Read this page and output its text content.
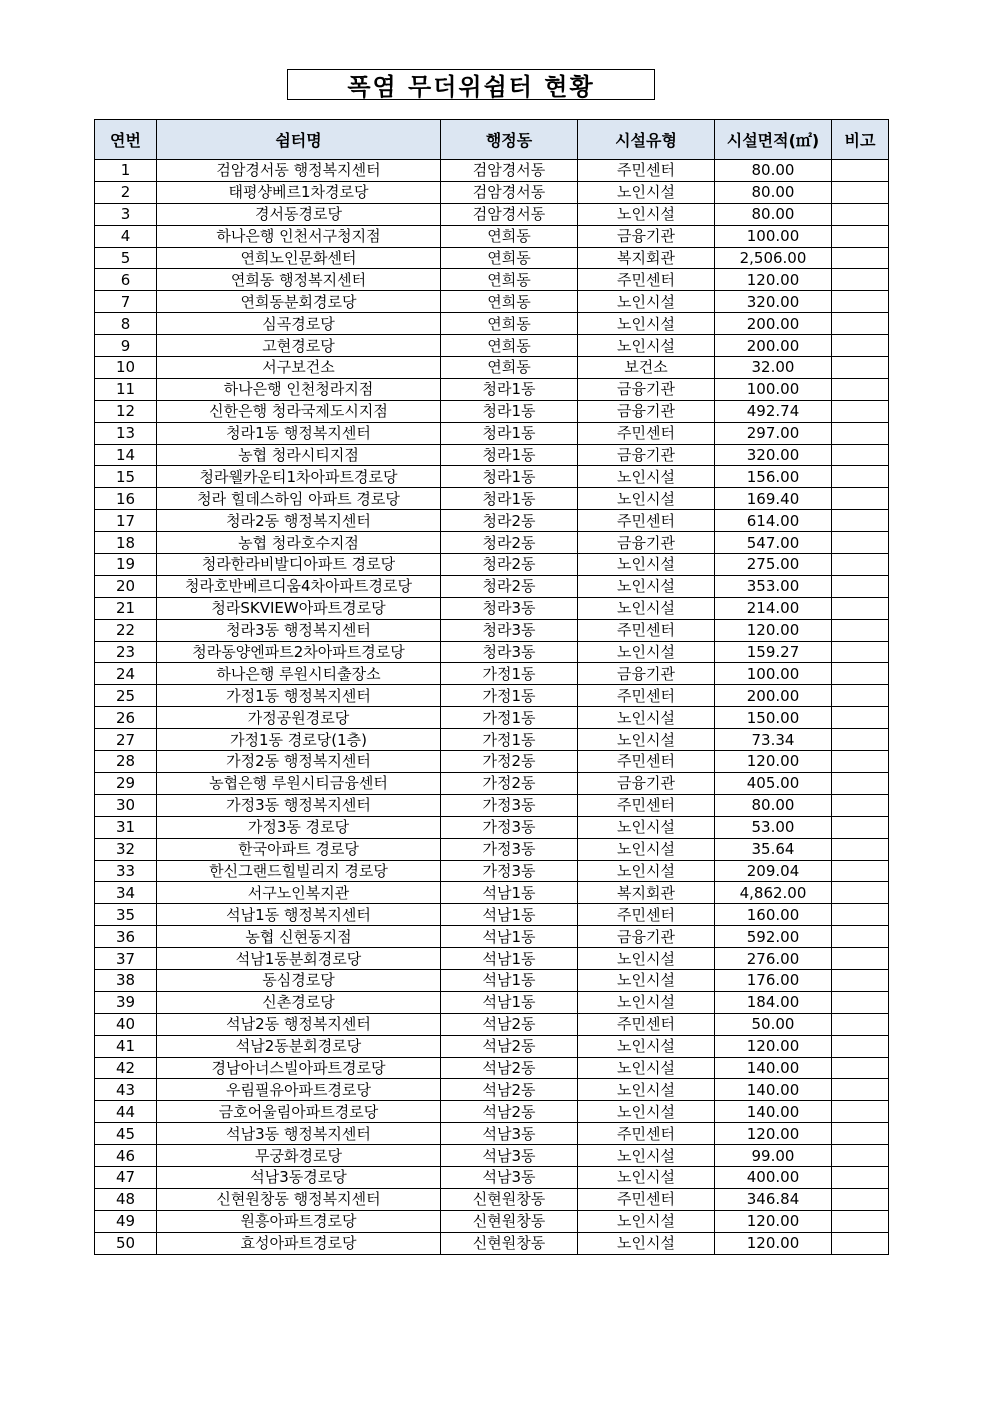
폭염 무더위쉼터 현황
연번	쉼터명	행정동	시설유형	시설면적(㎡)	비고
1	검암경서동 행정복지센터	검암경서동	주민센터	80.00	
2	태평샹베르1차경로당	검암경서동	노인시설	80.00	
3	경서동경로당	검암경서동	노인시설	80.00	
4	하나은행 인천서구청지점	연희동	금융기관	100.00	
5	연희노인문화센터	연희동	복지회관	2,506.00	
6	연희동 행정복지센터	연희동	주민센터	120.00	
7	연희동분회경로당	연희동	노인시설	320.00	
8	심곡경로당	연희동	노인시설	200.00	
9	고현경로당	연희동	노인시설	200.00	
10	서구보건소	연희동	보건소	32.00	
11	하나은행 인천청라지점	청라1동	금융기관	100.00	
12	신한은행 청라국제도시지점	청라1동	금융기관	492.74	
13	청라1동 행정복지센터	청라1동	주민센터	297.00	
14	농협 청라시티지점	청라1동	금융기관	320.00	
15	청라웰카운티1차아파트경로당	청라1동	노인시설	156.00	
16	청라 힐데스하임 아파트 경로당	청라1동	노인시설	169.40	
17	청라2동 행정복지센터	청라2동	주민센터	614.00	
18	농협 청라호수지점	청라2동	금융기관	547.00	
19	청라한라비발디아파트 경로당	청라2동	노인시설	275.00	
20	청라호반베르디움4차아파트경로당	청라2동	노인시설	353.00	
21	청라SKVIEW아파트경로당	청라3동	노인시설	214.00	
22	청라3동 행정복지센터	청라3동	주민센터	120.00	
23	청라동양엔파트2차아파트경로당	청라3동	노인시설	159.27	
24	하나은행 루원시티출장소	가정1동	금융기관	100.00	
25	가정1동 행정복지센터	가정1동	주민센터	200.00	
26	가정공원경로당	가정1동	노인시설	150.00	
27	가정1동 경로당(1층)	가정1동	노인시설	73.34	
28	가정2동 행정복지센터	가정2동	주민센터	120.00	
29	농협은행 루원시티금융센터	가정2동	금융기관	405.00	
30	가정3동 행정복지센터	가정3동	주민센터	80.00	
31	가정3동 경로당	가정3동	노인시설	53.00	
32	한국아파트 경로당	가정3동	노인시설	35.64	
33	한신그랜드힐빌리지 경로당	가정3동	노인시설	209.04	
34	서구노인복지관	석남1동	복지회관	4,862.00	
35	석남1동 행정복지센터	석남1동	주민센터	160.00	
36	농협 신현동지점	석남1동	금융기관	592.00	
37	석남1동분회경로당	석남1동	노인시설	276.00	
38	동심경로당	석남1동	노인시설	176.00	
39	신촌경로당	석남1동	노인시설	184.00	
40	석남2동 행정복지센터	석남2동	주민센터	50.00	
41	석남2동분회경로당	석남2동	노인시설	120.00	
42	경남아너스빌아파트경로당	석남2동	노인시설	140.00	
43	우림필유아파트경로당	석남2동	노인시설	140.00	
44	금호어울림아파트경로당	석남2동	노인시설	140.00	
45	석남3동 행정복지센터	석남3동	주민센터	120.00	
46	무궁화경로당	석남3동	노인시설	99.00	
47	석남3동경로당	석남3동	노인시설	400.00	
48	신현원창동 행정복지센터	신현원창동	주민센터	346.84	
49	원흥아파트경로당	신현원창동	노인시설	120.00	
50	효성아파트경로당	신현원창동	노인시설	120.00	
